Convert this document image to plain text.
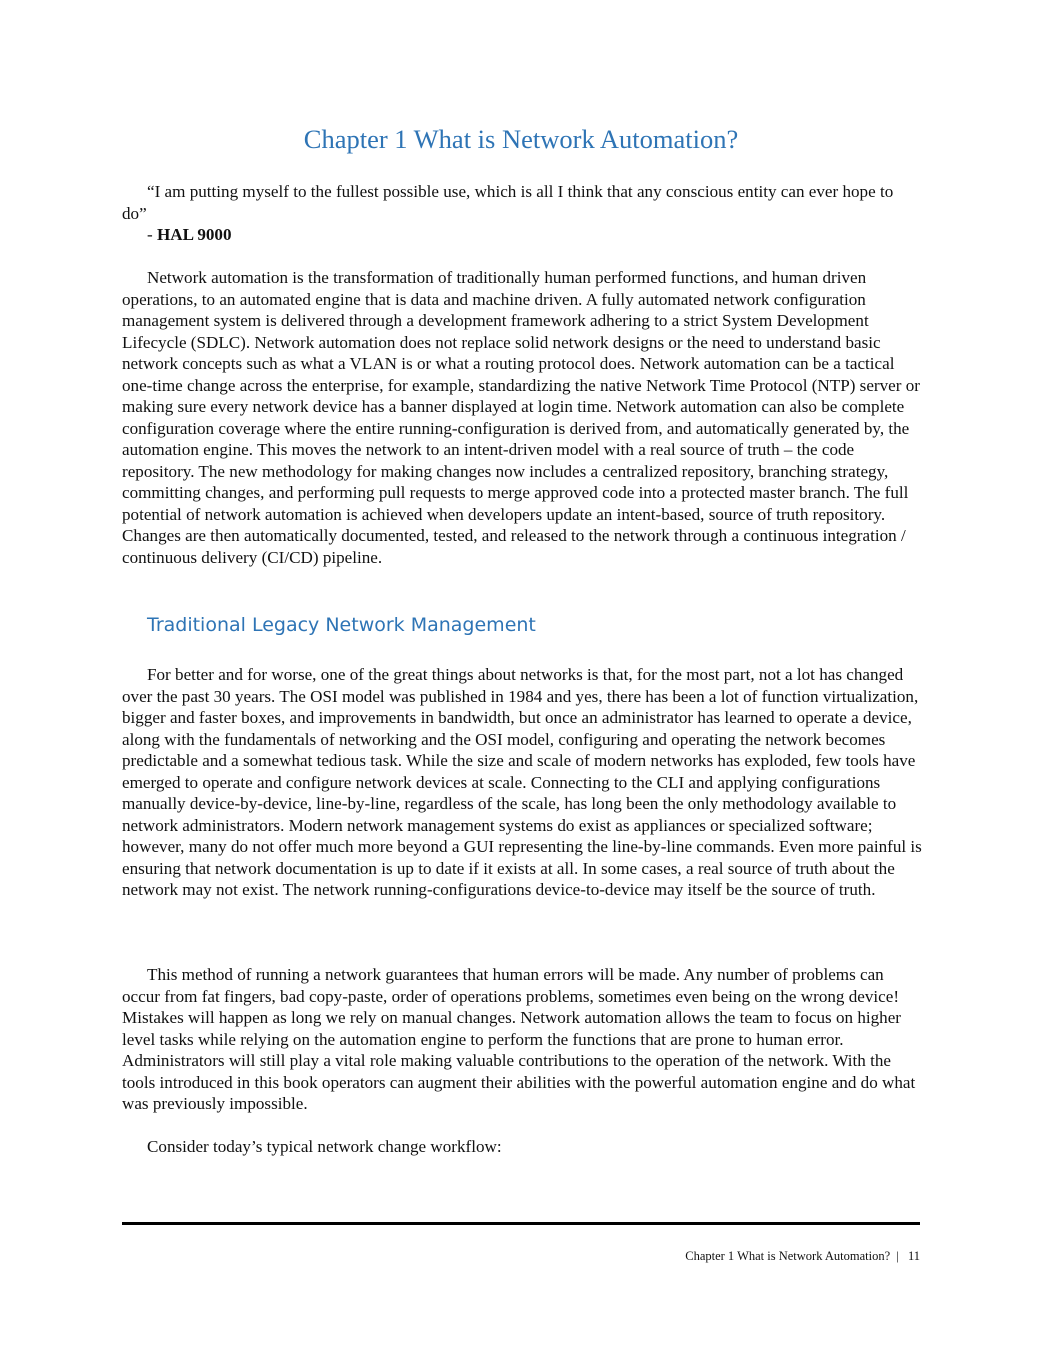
Chapter 1 What is Network Automation?

“I am putting myself to the fullest possible use, which is all I think that any conscious entity can ever hope to do”

- HAL 9000

Network automation is the transformation of traditionally human performed functions, and human driven operations, to an automated engine that is data and machine driven. A fully automated network configuration management system is delivered through a development framework adhering to a strict System Development Lifecycle (SDLC). Network automation does not replace solid network designs or the need to understand basic network concepts such as what a VLAN is or what a routing protocol does. Network automation can be a tactical one-time change across the enterprise, for example, standardizing the native Network Time Protocol (NTP) server or making sure every network device has a banner displayed at login time. Network automation can also be complete configuration coverage where the entire running-configuration is derived from, and automatically generated by, the automation engine. This moves the network to an intent-driven model with a real source of truth – the code repository. The new methodology for making changes now includes a centralized repository, branching strategy, committing changes, and performing pull requests to merge approved code into a protected master branch. The full potential of network automation is achieved when developers update an intent-based, source of truth repository. Changes are then automatically documented, tested, and released to the network through a continuous integration / continuous delivery (CI/CD) pipeline.

Traditional Legacy Network Management

For better and for worse, one of the great things about networks is that, for the most part, not a lot has changed over the past 30 years. The OSI model was published in 1984 and yes, there has been a lot of function virtualization, bigger and faster boxes, and improvements in bandwidth, but once an administrator has learned to operate a device, along with the fundamentals of networking and the OSI model, configuring and operating the network becomes predictable and a somewhat tedious task. While the size and scale of modern networks has exploded, few tools have emerged to operate and configure network devices at scale. Connecting to the CLI and applying configurations manually device-by-device, line-by-line, regardless of the scale, has long been the only methodology available to network administrators. Modern network management systems do exist as appliances or specialized software; however, many do not offer much more beyond a GUI representing the line-by-line commands. Even more painful is ensuring that network documentation is up to date if it exists at all. In some cases, a real source of truth about the network may not exist. The network running-configurations device-to-device may itself be the source of truth.

This method of running a network guarantees that human errors will be made. Any number of problems can occur from fat fingers, bad copy-paste, order of operations problems, sometimes even being on the wrong device! Mistakes will happen as long we rely on manual changes. Network automation allows the team to focus on higher level tasks while relying on the automation engine to perform the functions that are prone to human error. Administrators will still play a vital role making valuable contributions to the operation of the network. With the tools introduced in this book operators can augment their abilities with the powerful automation engine and do what was previously impossible.

Consider today’s typical network change workflow:

Chapter 1 What is Network Automation? | 11
